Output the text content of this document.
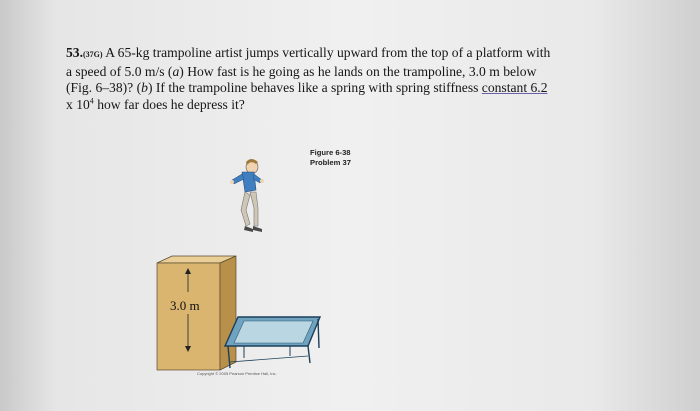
53.(37G) A 65-kg trampoline artist jumps vertically upward from the top of a platform with
a speed of 5.0 m/s (a) How fast is he going as he lands on the trampoline, 3.0 m below
(Fig. 6–38)? (b) If the trampoline behaves like a spring with spring stiffness constant 6.2
x $10^4$ how far does he depress it?
Figure 6-38
Problem 37
3.0 m
Copyright © 2005 Pearson Prentice Hall, Inc.
